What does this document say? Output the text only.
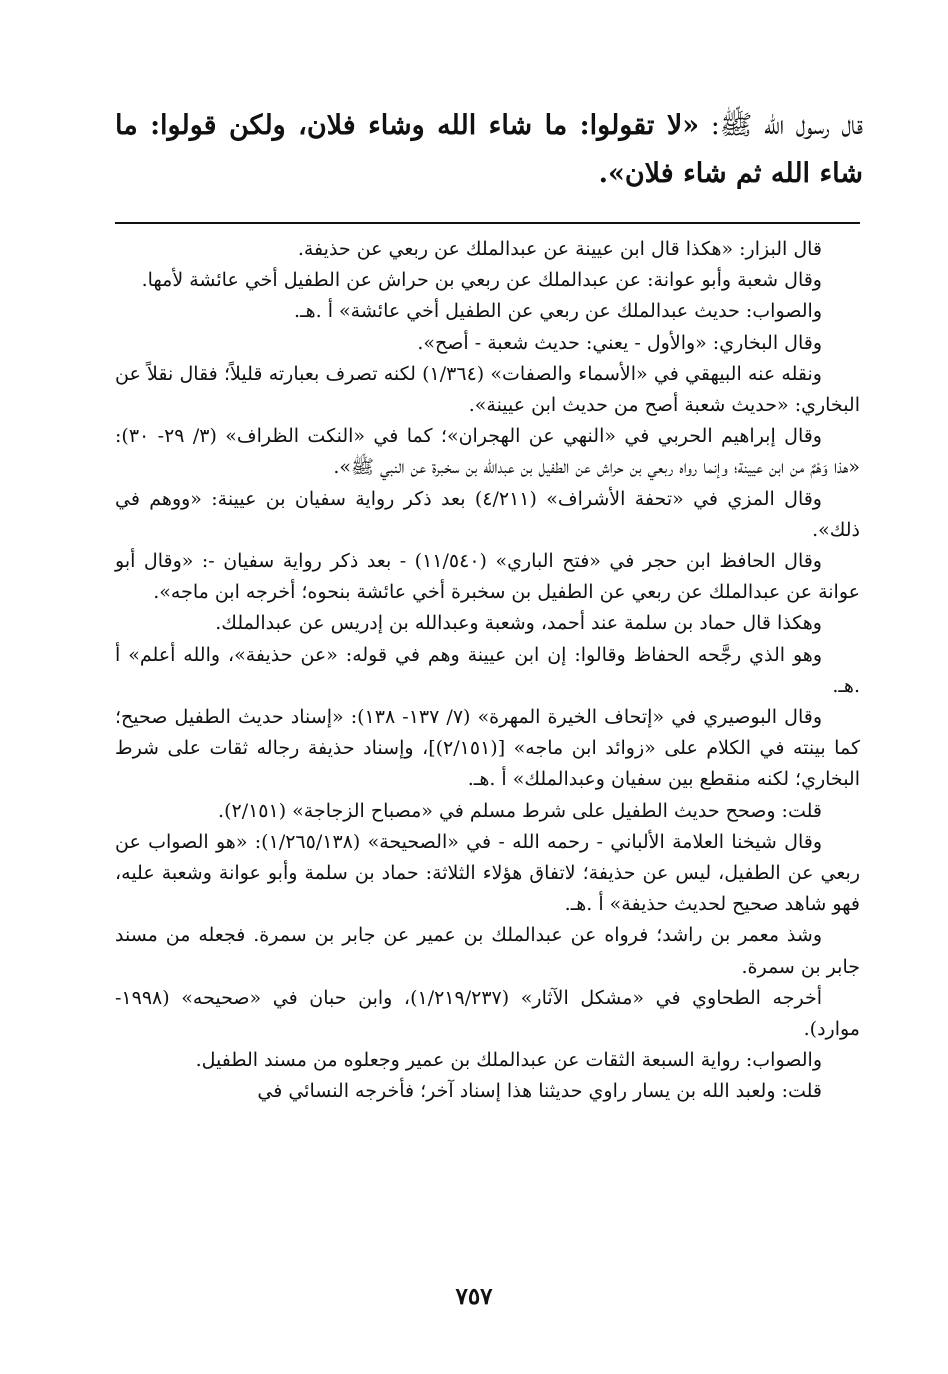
قال رسول الله ﷺ: «لا تقولوا: ما شاء الله وشاء فلان، ولكن قولوا: ما شاء الله ثم شاء فلان».

قال البزار: «هكذا قال ابن عيينة عن عبدالملك عن ربعي عن حذيفة.

وقال شعبة وأبو عوانة: عن عبدالملك عن ربعي بن حراش عن الطفيل أخي عائشة لأمها.

والصواب: حديث عبدالملك عن ربعي عن الطفيل أخي عائشة» أ .هـ.

وقال البخاري: «والأول - يعني: حديث شعبة - أصح».

ونقله عنه البيهقي في «الأسماء والصفات» (١/٣٦٤) لكنه تصرف بعبارته قليلاً؛ فقال نقلاً عن البخاري: «حديث شعبة أصح من حديث ابن عيينة».

وقال إبراهيم الحربي في «النهي عن الهجران»؛ كما في «النكت الظراف» (٣/ ٢٩- ٣٠): «هذا وَهْمٌ من ابن عيينة؛ وإنما رواه ربعي بن حراش عن الطفيل بن عبدالله بن سخبرة عن النبي ﷺ».

وقال المزي في «تحفة الأشراف» (٤/٢١١) بعد ذكر رواية سفيان بن عيينة: «ووهم في ذلك».

وقال الحافظ ابن حجر في «فتح الباري» (١١/٥٤٠) - بعد ذكر رواية سفيان -: «وقال أبو عوانة عن عبدالملك عن ربعي عن الطفيل بن سخبرة أخي عائشة بنحوه؛ أخرجه ابن ماجه».

وهكذا قال حماد بن سلمة عند أحمد، وشعبة وعبدالله بن إدريس عن عبدالملك.

وهو الذي رجَّحه الحفاظ وقالوا: إن ابن عيينة وهم في قوله: «عن حذيفة»، والله أعلم» أ .هـ.

وقال البوصيري في «إتحاف الخيرة المهرة» (٧/ ١٣٧- ١٣٨): «إسناد حديث الطفيل صحيح؛ كما بينته في الكلام على «زوائد ابن ماجه» [(٢/١٥١)]، وإسناد حذيفة رجاله ثقات على شرط البخاري؛ لكنه منقطع بين سفيان وعبدالملك» أ .هـ.

قلت: وصحح حديث الطفيل على شرط مسلم في «مصباح الزجاجة» (٢/١٥١).

وقال شيخنا العلامة الألباني - رحمه الله - في «الصحيحة» (١/٢٦٥/١٣٨): «هو الصواب عن ربعي عن الطفيل، ليس عن حذيفة؛ لاتفاق هؤلاء الثلاثة: حماد بن سلمة وأبو عوانة وشعبة عليه، فهو شاهد صحيح لحديث حذيفة» أ .هـ.

وشذ معمر بن راشد؛ فرواه عن عبدالملك بن عمير عن جابر بن سمرة. فجعله من مسند جابر بن سمرة.

أخرجه الطحاوي في «مشكل الآثار» (١/٢١٩/٢٣٧)، وابن حبان في «صحيحه» (١٩٩٨- موارد).

والصواب: رواية السبعة الثقات عن عبدالملك بن عمير وجعلوه من مسند الطفيل.

قلت: ولعبد الله بن يسار راوي حديثنا هذا إسناد آخر؛ فأخرجه النسائي في

٧٥٧
